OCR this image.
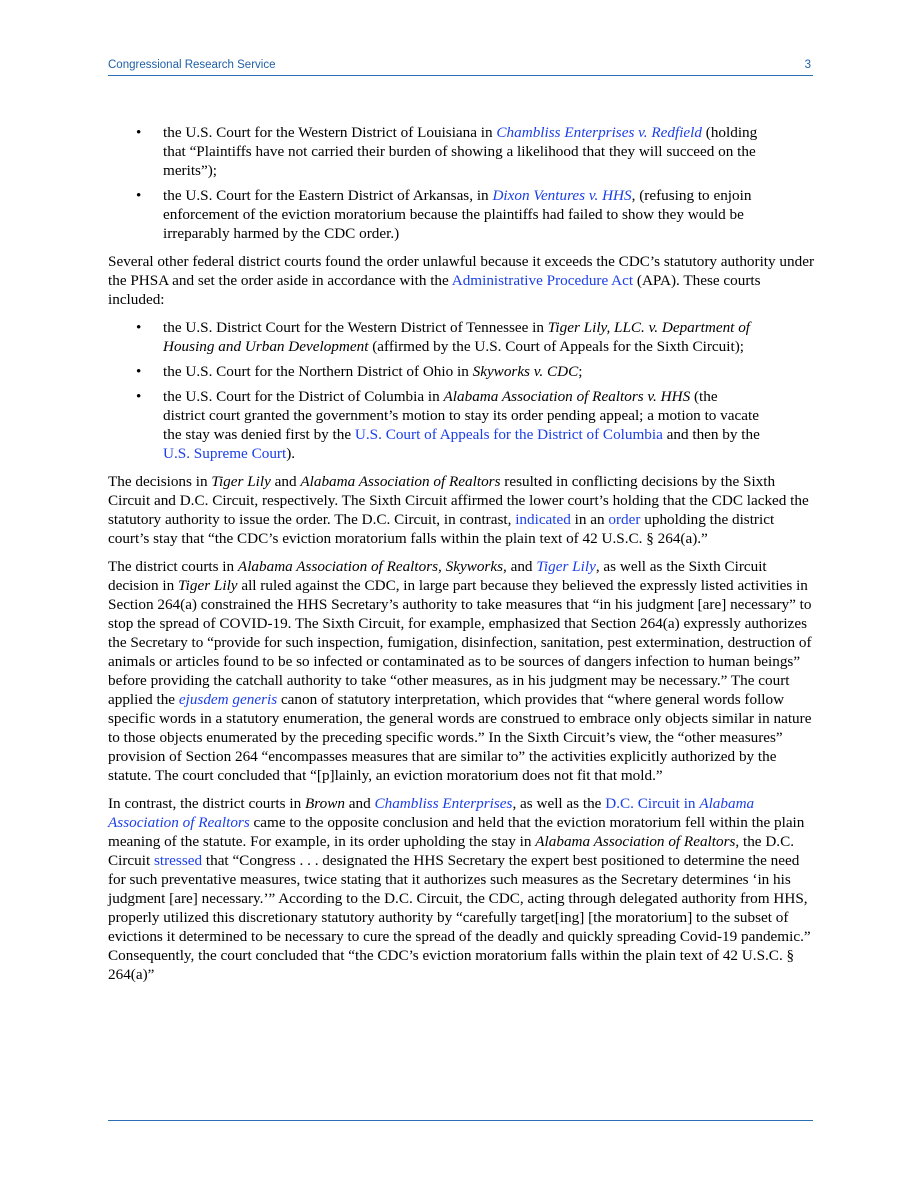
Congressional Research Service	3
• the U.S. Court for the Western District of Louisiana in Chambliss Enterprises v. Redfield (holding that “Plaintiffs have not carried their burden of showing a likelihood that they will succeed on the merits”);
• the U.S. Court for the Eastern District of Arkansas, in Dixon Ventures v. HHS, (refusing to enjoin enforcement of the eviction moratorium because the plaintiffs had failed to show they would be irreparably harmed by the CDC order.)

Several other federal district courts found the order unlawful because it exceeds the CDC’s statutory authority under the PHSA and set the order aside in accordance with the Administrative Procedure Act (APA). These courts included:

• the U.S. District Court for the Western District of Tennessee in Tiger Lily, LLC. v. Department of Housing and Urban Development (affirmed by the U.S. Court of Appeals for the Sixth Circuit);
• the U.S. Court for the Northern District of Ohio in Skyworks v. CDC;
• the U.S. Court for the District of Columbia in Alabama Association of Realtors v. HHS (the district court granted the government’s motion to stay its order pending appeal; a motion to vacate the stay was denied first by the U.S. Court of Appeals for the District of Columbia and then by the U.S. Supreme Court).

The decisions in Tiger Lily and Alabama Association of Realtors resulted in conflicting decisions by the Sixth Circuit and D.C. Circuit, respectively. The Sixth Circuit affirmed the lower court’s holding that the CDC lacked the statutory authority to issue the order. The D.C. Circuit, in contrast, indicated in an order upholding the district court’s stay that “the CDC’s eviction moratorium falls within the plain text of 42 U.S.C. § 264(a).”

The district courts in Alabama Association of Realtors, Skyworks, and Tiger Lily, as well as the Sixth Circuit decision in Tiger Lily all ruled against the CDC, in large part because they believed the expressly listed activities in Section 264(a) constrained the HHS Secretary’s authority to take measures that “in his judgment [are] necessary” to stop the spread of COVID-19. The Sixth Circuit, for example, emphasized that Section 264(a) expressly authorizes the Secretary to “provide for such inspection, fumigation, disinfection, sanitation, pest extermination, destruction of animals or articles found to be so infected or contaminated as to be sources of dangers infection to human beings” before providing the catchall authority to take “other measures, as in his judgment may be necessary.” The court applied the ejusdem generis canon of statutory interpretation, which provides that “where general words follow specific words in a statutory enumeration, the general words are construed to embrace only objects similar in nature to those objects enumerated by the preceding specific words.” In the Sixth Circuit’s view, the “other measures” provision of Section 264 “encompasses measures that are similar to” the activities explicitly authorized by the statute. The court concluded that “[p]lainly, an eviction moratorium does not fit that mold.”

In contrast, the district courts in Brown and Chambliss Enterprises, as well as the D.C. Circuit in Alabama Association of Realtors came to the opposite conclusion and held that the eviction moratorium fell within the plain meaning of the statute. For example, in its order upholding the stay in Alabama Association of Realtors, the D.C. Circuit stressed that “Congress . . . designated the HHS Secretary the expert best positioned to determine the need for such preventative measures, twice stating that it authorizes such measures as the Secretary determines ‘in his judgment [are] necessary.’” According to the D.C. Circuit, the CDC, acting through delegated authority from HHS, properly utilized this discretionary statutory authority by “carefully target[ing] [the moratorium] to the subset of evictions it determined to be necessary to cure the spread of the deadly and quickly spreading Covid-19 pandemic.” Consequently, the court concluded that “the CDC’s eviction moratorium falls within the plain text of 42 U.S.C. § 264(a)”
